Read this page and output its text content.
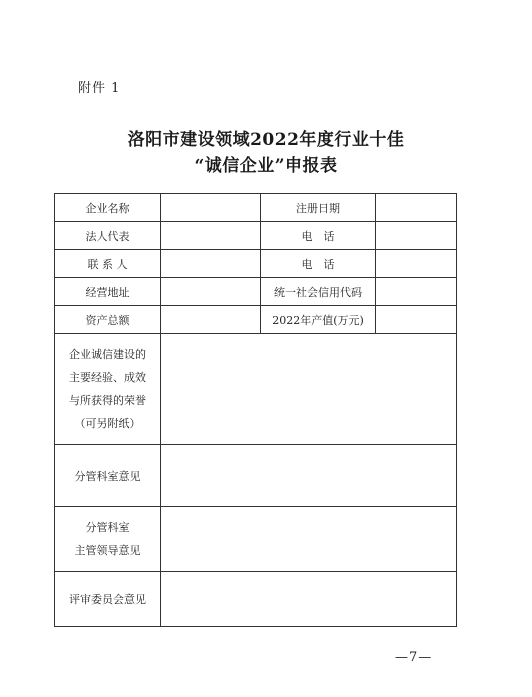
附件 1
洛阳市建设领域2022年度行业十佳
“诚信企业”申报表
企业名称		注册日期	
法人代表		电　话	
联 系 人		电　话	
经营地址		统一社会信用代码	
资产总额		2022年产值(万元)	

企业诚信建设的
主要经验、成效
与所获得的荣誉
（可另附纸）			

分管科室意见			

分管科室
主管领导意见			

评审委员会意见			
—7—
